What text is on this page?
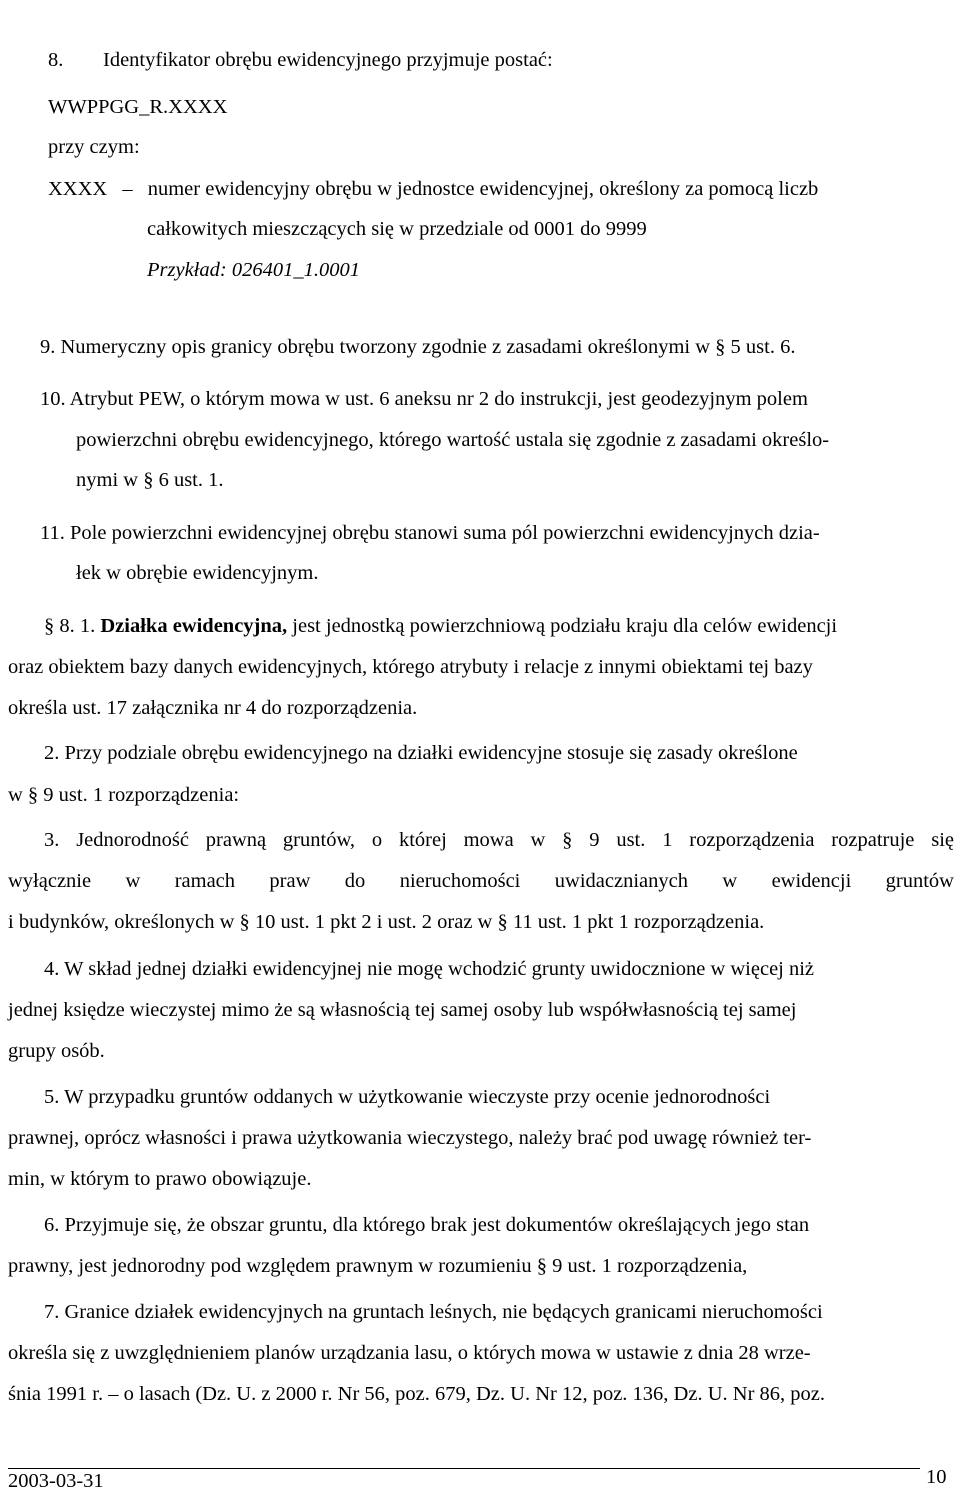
8. Identyfikator obrębu ewidencyjnego przyjmuje postać:
WWPPGG_R.XXXX
przy czym:
XXXX – numer ewidencyjny obrębu w jednostce ewidencyjnej, określony za pomocą liczb
całkowitych mieszczących się w przedziale od 0001 do 9999
Przykład: 026401_1.0001
9. Numeryczny opis granicy obrębu tworzony zgodnie z zasadami określonymi w § 5 ust. 6.
10. Atrybut PEW, o którym mowa w ust. 6 aneksu nr 2 do instrukcji, jest geodezyjnym polem
powierzchni obrębu ewidencyjnego, którego wartość ustala się zgodnie z zasadami określo-
nymi w § 6 ust. 1.
11. Pole powierzchni ewidencyjnej obrębu stanowi suma pól powierzchni ewidencyjnych dzia-
łek w obrębie ewidencyjnym.
§ 8. 1. Działka ewidencyjna, jest jednostką powierzchniową podziału kraju dla celów ewidencji
oraz obiektem bazy danych ewidencyjnych, którego atrybuty i relacje z innymi obiektami tej bazy
określa ust. 17 załącznika nr 4 do rozporządzenia.
2. Przy podziale obrębu ewidencyjnego na działki ewidencyjne stosuje się zasady określone
w § 9 ust. 1 rozporządzenia:
3. Jednorodność prawną gruntów, o której mowa w § 9 ust. 1 rozporządzenia rozpatruje się
wyłącznie w ramach praw do nieruchomości uwidacznianych w ewidencji gruntów
i budynków, określonych w § 10 ust. 1 pkt 2 i ust. 2 oraz w § 11 ust. 1 pkt 1 rozporządzenia.
4. W skład jednej działki ewidencyjnej nie mogę wchodzić grunty uwidocznione w więcej niż
jednej księdze wieczystej mimo że są własnością tej samej osoby lub współwłasnością tej samej
grupy osób.
5. W przypadku gruntów oddanych w użytkowanie wieczyste przy ocenie jednorodności
prawnej, oprócz własności i prawa użytkowania wieczystego, należy brać pod uwagę również ter-
min, w którym to prawo obowiązuje.
6. Przyjmuje się, że obszar gruntu, dla którego brak jest dokumentów określających jego stan
prawny, jest jednorodny pod względem prawnym w rozumieniu § 9 ust. 1 rozporządzenia,
7. Granice działek ewidencyjnych na gruntach leśnych, nie będących granicami nieruchomości
określa się z uwzględnieniem planów urządzania lasu, o których mowa w ustawie z dnia 28 wrze-
śnia 1991 r. – o lasach (Dz. U. z 2000 r. Nr 56, poz. 679, Dz. U. Nr 12, poz. 136, Dz. U. Nr 86, poz.
2003-03-31	10
